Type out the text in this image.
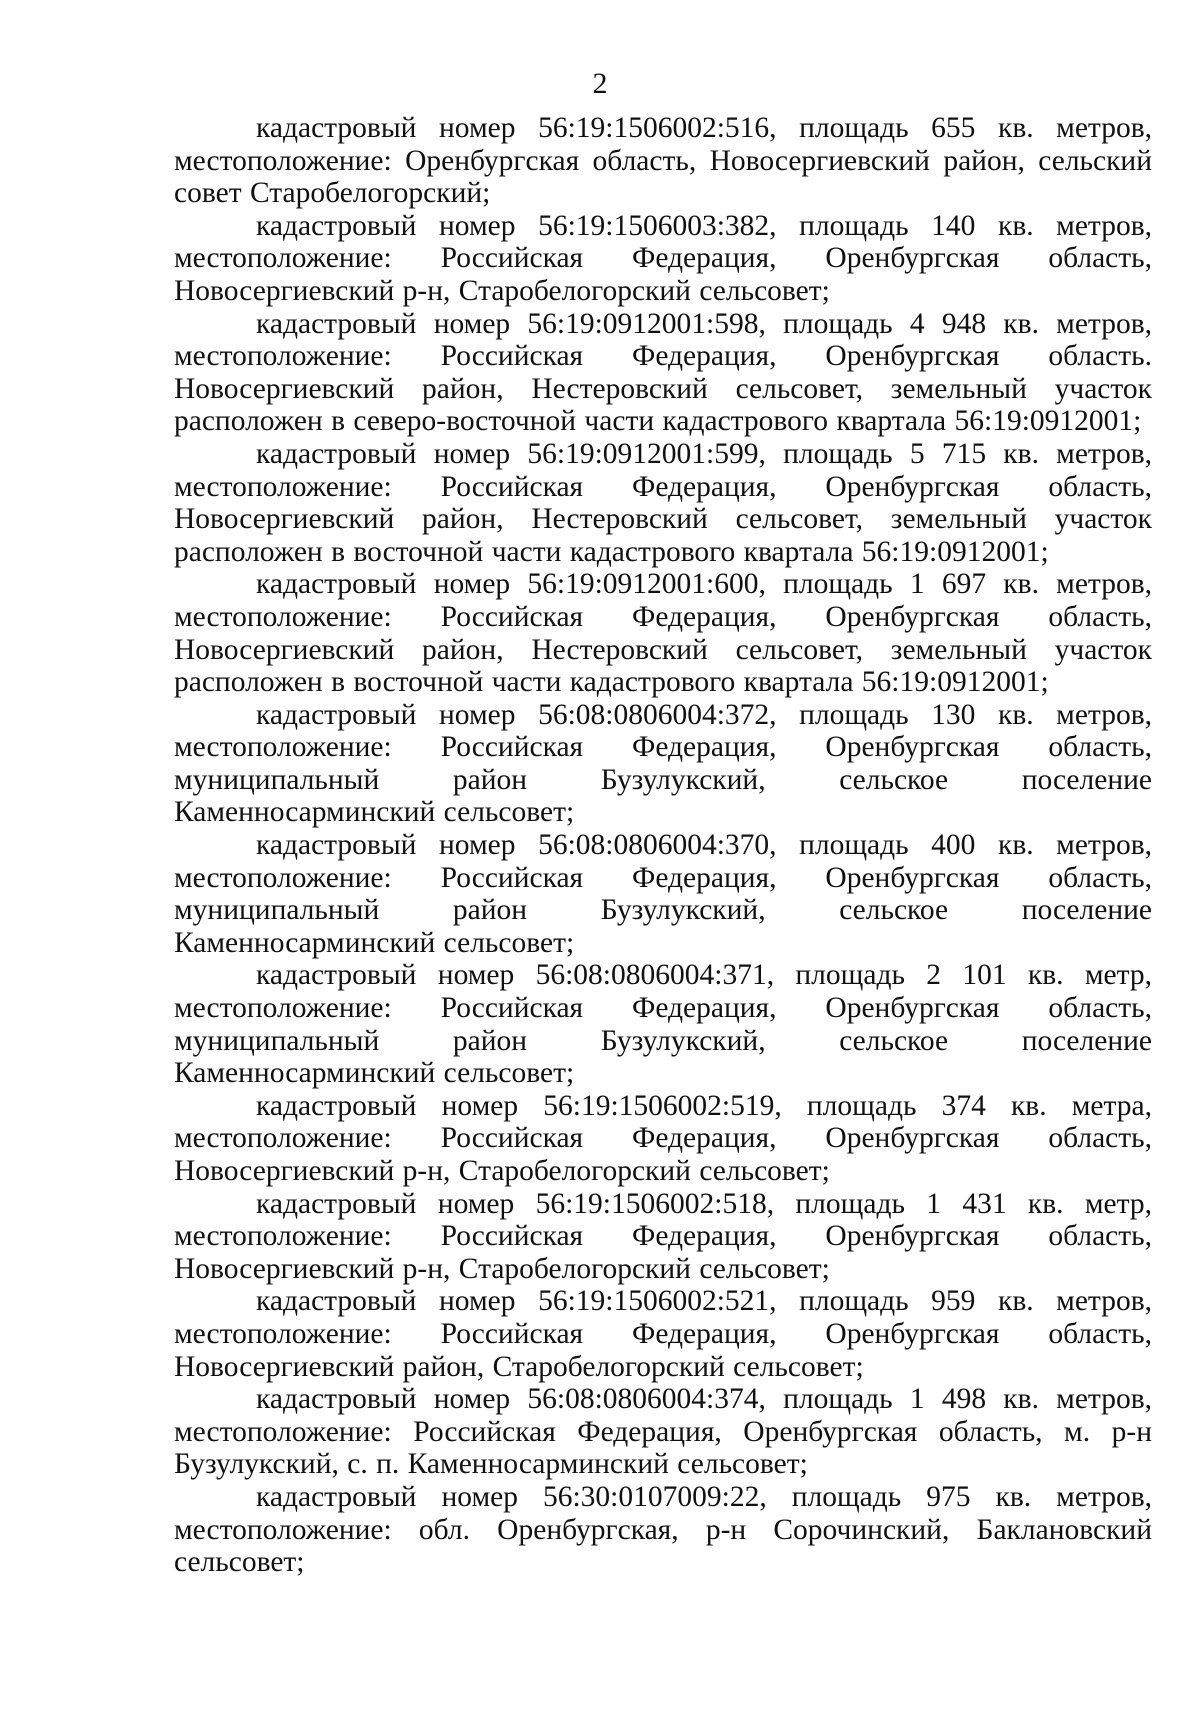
2

кадастровый номер 56:19:1506002:516, площадь 655 кв. метров, местоположение: Оренбургская область, Новосергиевский район, сельский совет Старобелогорский;

кадастровый номер 56:19:1506003:382, площадь 140 кв. метров, местоположение: Российская Федерация, Оренбургская область, Новосергиевский р-н, Старобелогорский сельсовет;

кадастровый номер 56:19:0912001:598, площадь 4 948 кв. метров, местоположение: Российская Федерация, Оренбургская область. Новосергиевский район, Нестеровский сельсовет, земельный участок расположен в северо-восточной части кадастрового квартала 56:19:0912001;

кадастровый номер 56:19:0912001:599, площадь 5 715 кв. метров, местоположение: Российская Федерация, Оренбургская область, Новосергиевский район, Нестеровский сельсовет, земельный участок расположен в восточной части кадастрового квартала 56:19:0912001;

кадастровый номер 56:19:0912001:600, площадь 1 697 кв. метров, местоположение: Российская Федерация, Оренбургская область, Новосергиевский район, Нестеровский сельсовет, земельный участок расположен в восточной части кадастрового квартала 56:19:0912001;

кадастровый номер 56:08:0806004:372, площадь 130 кв. метров, местоположение: Российская Федерация, Оренбургская область, муниципальный район Бузулукский, сельское поселение Каменносарминский сельсовет;

кадастровый номер 56:08:0806004:370, площадь 400 кв. метров, местоположение: Российская Федерация, Оренбургская область, муниципальный район Бузулукский, сельское поселение Каменносарминский сельсовет;

кадастровый номер 56:08:0806004:371, площадь 2 101 кв. метр, местоположение: Российская Федерация, Оренбургская область, муниципальный район Бузулукский, сельское поселение Каменносарминский сельсовет;

кадастровый номер 56:19:1506002:519, площадь 374 кв. метра, местоположение: Российская Федерация, Оренбургская область, Новосергиевский р-н, Старобелогорский сельсовет;

кадастровый номер 56:19:1506002:518, площадь 1 431 кв. метр, местоположение: Российская Федерация, Оренбургская область, Новосергиевский р-н, Старобелогорский сельсовет;

кадастровый номер 56:19:1506002:521, площадь 959 кв. метров, местоположение: Российская Федерация, Оренбургская область, Новосергиевский район, Старобелогорский сельсовет;

кадастровый номер 56:08:0806004:374, площадь 1 498 кв. метров, местоположение: Российская Федерация, Оренбургская область, м. р-н Бузулукский, с. п. Каменносарминский сельсовет;

кадастровый номер 56:30:0107009:22, площадь 975 кв. метров, местоположение: обл. Оренбургская, р-н Сорочинский, Баклановский сельсовет;
